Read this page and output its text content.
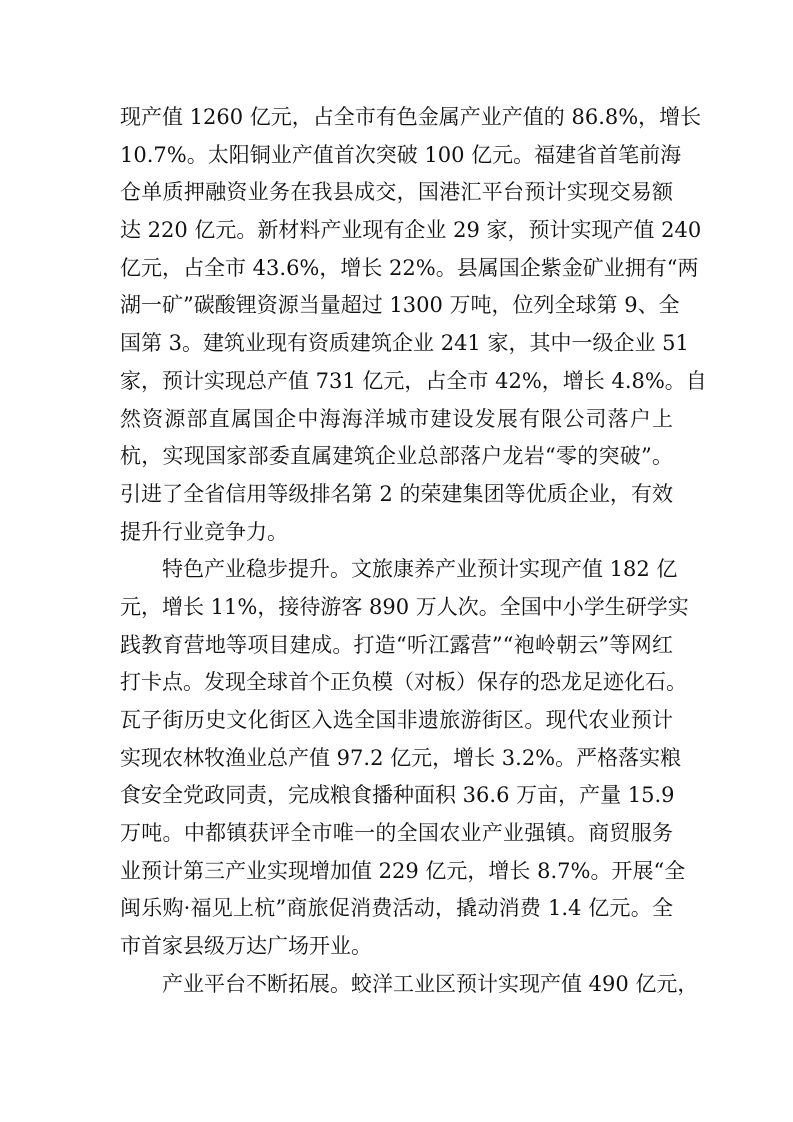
现产值 1260 亿元，占全市有色金属产业产值的 86.8%，增长
10.7%。太阳铜业产值首次突破 100 亿元。福建省首笔前海
仓单质押融资业务在我县成交，国港汇平台预计实现交易额
达 220 亿元。新材料产业现有企业 29 家，预计实现产值 240
亿元，占全市 43.6%，增长 22%。县属国企紫金矿业拥有“两
湖一矿”碳酸锂资源当量超过 1300 万吨，位列全球第 9、全
国第 3。建筑业现有资质建筑企业 241 家，其中一级企业 51
家，预计实现总产值 731 亿元，占全市 42%，增长 4.8%。自
然资源部直属国企中海海洋城市建设发展有限公司落户上
杭，实现国家部委直属建筑企业总部落户龙岩“零的突破”。
引进了全省信用等级排名第 2 的荣建集团等优质企业，有效
提升行业竞争力。
特色产业稳步提升。文旅康养产业预计实现产值 182 亿
元，增长 11%，接待游客 890 万人次。全国中小学生研学实
践教育营地等项目建成。打造“听江露营”“袍岭朝云”等网红
打卡点。发现全球首个正负模（对板）保存的恐龙足迹化石。
瓦子街历史文化街区入选全国非遗旅游街区。现代农业预计
实现农林牧渔业总产值 97.2 亿元，增长 3.2%。严格落实粮
食安全党政同责，完成粮食播种面积 36.6 万亩，产量 15.9
万吨。中都镇获评全市唯一的全国农业产业强镇。商贸服务
业预计第三产业实现增加值 229 亿元，增长 8.7%。开展“全
闽乐购·福见上杭”商旅促消费活动，撬动消费 1.4 亿元。全
市首家县级万达广场开业。
产业平台不断拓展。蛟洋工业区预计实现产值 490 亿元，
